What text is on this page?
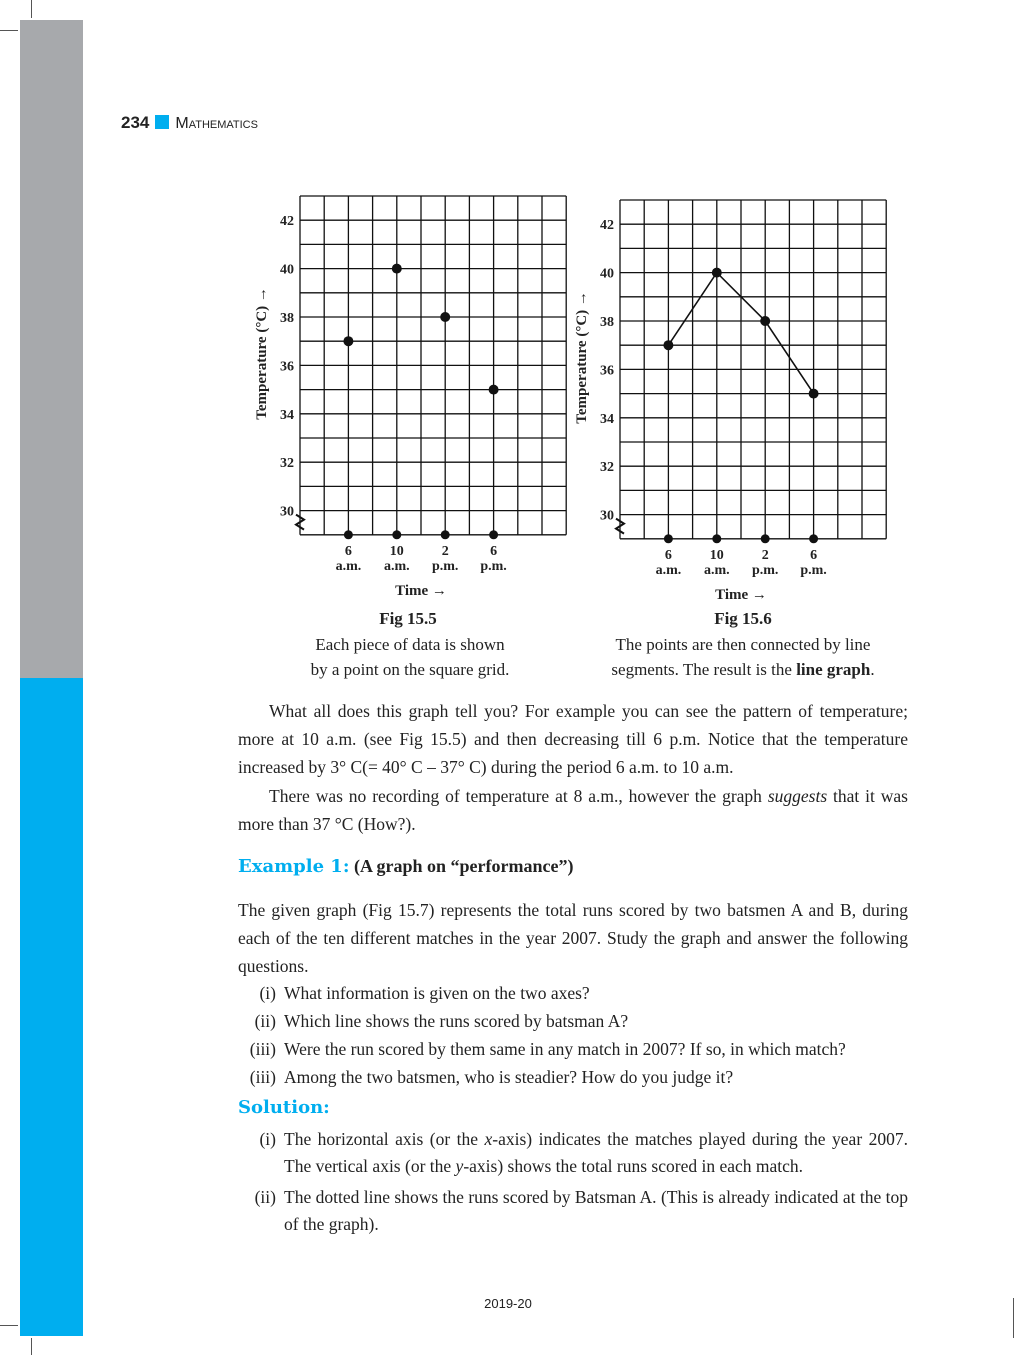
234 Mathematics
30
32
34
36
38
40
42
Temperature (°C) →
6
a.m.
10
a.m.
2
p.m.
6
p.m.
Time →
30
32
34
36
38
40
42
Temperature (°C) →
6
a.m.
10
a.m.
2
p.m.
6
p.m.
Time →
Fig 15.5
Each piece of data is shown
by a point on the square grid.
Fig 15.6
The points are then connected by line
segments. The result is the line graph.
What all does this graph tell you? For example you can see the pattern of temperature; more at 10 a.m. (see Fig 15.5) and then decreasing till 6 p.m. Notice that the temperature increased by 3° C(= 40° C – 37° C) during the period 6 a.m. to 10 a.m.
There was no recording of temperature at 8 a.m., however the graph suggests that it was more than 37 °C (How?).
Example 1: (A graph on “performance”)
The given graph (Fig 15.7) represents the total runs scored by two batsmen A and B, during each of the ten different matches in the year 2007. Study the graph and answer the following questions.
(i) What information is given on the two axes?
(ii) Which line shows the runs scored by batsman A?
(iii) Were the run scored by them same in any match in 2007? If so, in which match?
(iii) Among the two batsmen, who is steadier? How do you judge it?
Solution:
(i) The horizontal axis (or the x-axis) indicates the matches played during the year 2007. The vertical axis (or the y-axis) shows the total runs scored in each match.
(ii) The dotted line shows the runs scored by Batsman A. (This is already indicated at the top of the graph).
2019-20
